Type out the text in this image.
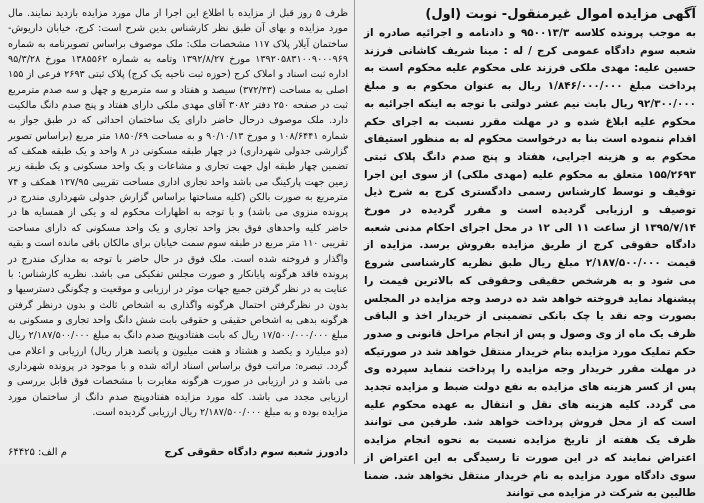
آگهی مزایده اموال غیرمنقول- نوبت (اول)

به موجب پرونده کلاسه ۹۵۰۰۱۳/۳ و دادنامه و اجرائیه صادره از شعبه سوم دادگاه عمومی کرج / له : مینا شریف کاشانی فرزند حسین علیه: مهدی ملکی فرزند علی محکوم علیه محکوم است به پرداخت مبلغ ۱/۸۴۶/۰۰۰/۰۰۰ ریال به عنوان محکوم به و مبلغ ۹۲/۳۰۰/۰۰۰ ریال بابت نیم عشر دولتی با توجه به اینکه اجرائیه به محکوم علیه ابلاغ شده و در مهلت مقرر نسبت به اجرای حکم اقدام ننموده است بنا به درخواست محکوم له به منظور استیفای محکوم به و هزینه اجرایی، هفتاد و پنج صدم دانگ پلاک ثبتی ۱۵۵/۲۶۹۳ متعلق به محکوم علیه (مهدی ملکی) از سوی این اجرا توقیف و توسط کارشناس رسمی دادگستری کرج به شرح ذیل توصیف و ارزیابی گردیده است و مقرر گردیده در مورخ ۱۳۹۵/۷/۱۴ از ساعت ۱۱ الی ۱۲ در محل اجرای احکام مدنی شعبه دادگاه حقوقی کرج از طریق مزایده بفروش برسد. مزایده از قیمت ۲/۱۸۷/۵۰۰/۰۰۰ مبلغ ریال طبق نظریه کارشناسی شروع می شود و به هرشخص حقیقی وحقوقی که بالاترین قیمت را پیشنهاد نماید فروخته خواهد شد ده درصد وجه مزایده در المجلس بصورت وجه نقد یا چک بانکی تضمینی از خریدار اخذ و الباقی ظرف یک ماه از وی وصول و پس از انجام مراحل قانونی و صدور حکم تملیک مورد مزایده بنام خریدار منتقل خواهد شد در صورتیکه در مهلت مقرر خریدار وجه مزایده را پرداخت ننماید سپرده وی پس از کسر هزینه های مزایده به نفع دولت ضبط و مزایده تجدید می گردد. کلیه هزینه های نقل و انتقال به عهده محکوم علیه است که از محل فروش پرداخت خواهد شد. طرفین می توانند ظرف یک هفته از تاریخ مزایده نسبت به نحوه انجام مزایده اعتراض نمایند که در این صورت تا رسیدگی به این اعتراض از سوی دادگاه مورد مزایده به نام خریدار منتقل نخواهد شد. ضمنا طالبین به شرکت در مزایده می توانند

ظرف ۵ روز قبل از مزایده با اطلاع این اجرا از مال مورد مزایده بازدید نمایند. مال مورد مزایده و بهای آن طبق نظر کارشناس بدین شرح است: کرج، خیابان داریوش- ساختمان آیلار پلاک ۱۱۷ مشخصات ملک: ملک موصوف براساس تصویرنامه به شماره ۱۳۹۲۰۵۸۳۱۰۰۹۰۰۰۹۶۹ مورخ ۱۳۹۲/۸/۲۷ وتامه به شماره ۱۳۸۵۵۶۲ مورخ ۹۵/۳/۲۸ اداره ثبت اسناد و املاک کرج (حوزه ثبت ناحیه یک کرج) پلاک ثبتی ۲۶۹۳ فرعی از ۱۵۵ اصلی به مساحت (۳۷۲/۴۳) سیصد و هفتاد و سه مترمربع و چهل و سه صدم مترمربع ثبت در صفحه ۲۵۰ دفتر ۳۰۸۲ آقای مهدی ملکی دارای هفتاد و پنج صدم دانگ مالکیت دارد. ملک موصوف درحال حاضر دارای یک ساختمان احداثی که در طبق جواز به شماره ۱۰۸/۶۴۴۱ و مورخ ۹۰/۱۰/۱۳ و به مساحت ۱۸۵۰/۶۹ متر مربع (براساس تصویر گزارشی جدولی شهرداری) در چهار طبقه مسکونی در ۸ واحد و یک طبقه همکف که تضمین چهار طبقه اول جهت تجاری و مشاعات و یک واحد مسکونی و یک طبقه زیر زمین جهت پارکینگ می باشد واحد تجاری اداری مساحت تقریبی ۱۲۷/۹۵ همکف و ۷۴ مترمربع به صورت بالکن (کلیه مساحتها براساس گزارش جدولی شهرداری مندرج در پرونده منزوی می باشد) و با توجه به اظهارات محکوم له و یکی از همسایه ها در حاضر کلیه واحدهای فوق بجز واحد تجاری و یک واحد مسکونی که دارای مساحت تقریبی ۱۱۰ متر مربع در طبقه سوم سمت خیابان برای مالکان باقی مانده است و بقیه واگذار و فروخته شده است. ملک فوق در حال حاضر با توجه به مدارک مندرج در پرونده فاقد هرگونه پایانکار و صورت مجلس تفکیکی می باشد. نظریه کارشناس: با عنایت به در نظر گرفتن جمیع جهات موثر در ارزیابی و موقعیت و چگونگی دسترسیها و بدون در نظرگرفتن احتمال هرگونه واگذاری به اشخاص ثالث و بدون درنظر گرفتن هرگونه بدهی به اشخاص حقیقی و حقوقی بابت شش دانگ واحد تجاری و مسکونی به مبلغ ۱۷/۵۰۰/۰۰۰/۰۰۰ ریال که بابت هفتادوپنج صدم دانگ به مبلغ ۲/۱۸۷/۵۰۰/۰۰۰ ریال (دو میلیارد و یکصد و هشتاد و هفت میلیون و پانصد هزار ریال) ارزیابی و اعلام می گردد. تبصره: مراتب فوق براساس اسناد ارائه شده و با موجود در پرونده شهرداری می باشد و در ارزیابی در صورت هرگونه مغایرت با مشخصات فوق قابل بررسی و ارزیابی مجدد می باشد. کله مورد مزایده هفتادوپنج صدم دانگ از ساختمان مورد مزایده بوده و به مبلغ ۲/۱۸۷/۵۰۰/۰۰۰ ریال ارزیابی گردیده است.

دادورز شعبه سوم دادگاه حقوقی کرج
م الف: ۶۴۴۲۵
